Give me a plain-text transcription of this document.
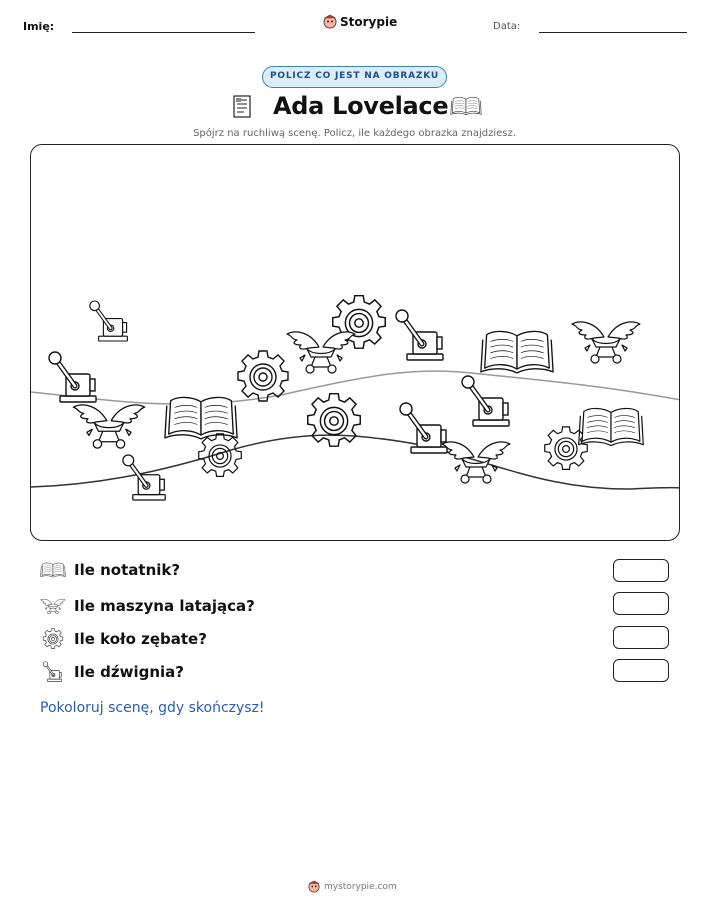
Imię:	Storypie	Data:
POLICZ CO JEST NA OBRAZKU
Ada Lovelace
Spójrz na ruchliwą scenę. Policz, ile każdego obrazka znajdziesz.
Ile notatnik?
Ile maszyna latająca?
Ile koło zębate?
Ile dźwignia?
Pokoloruj scenę, gdy skończysz!
mystorypie.com
